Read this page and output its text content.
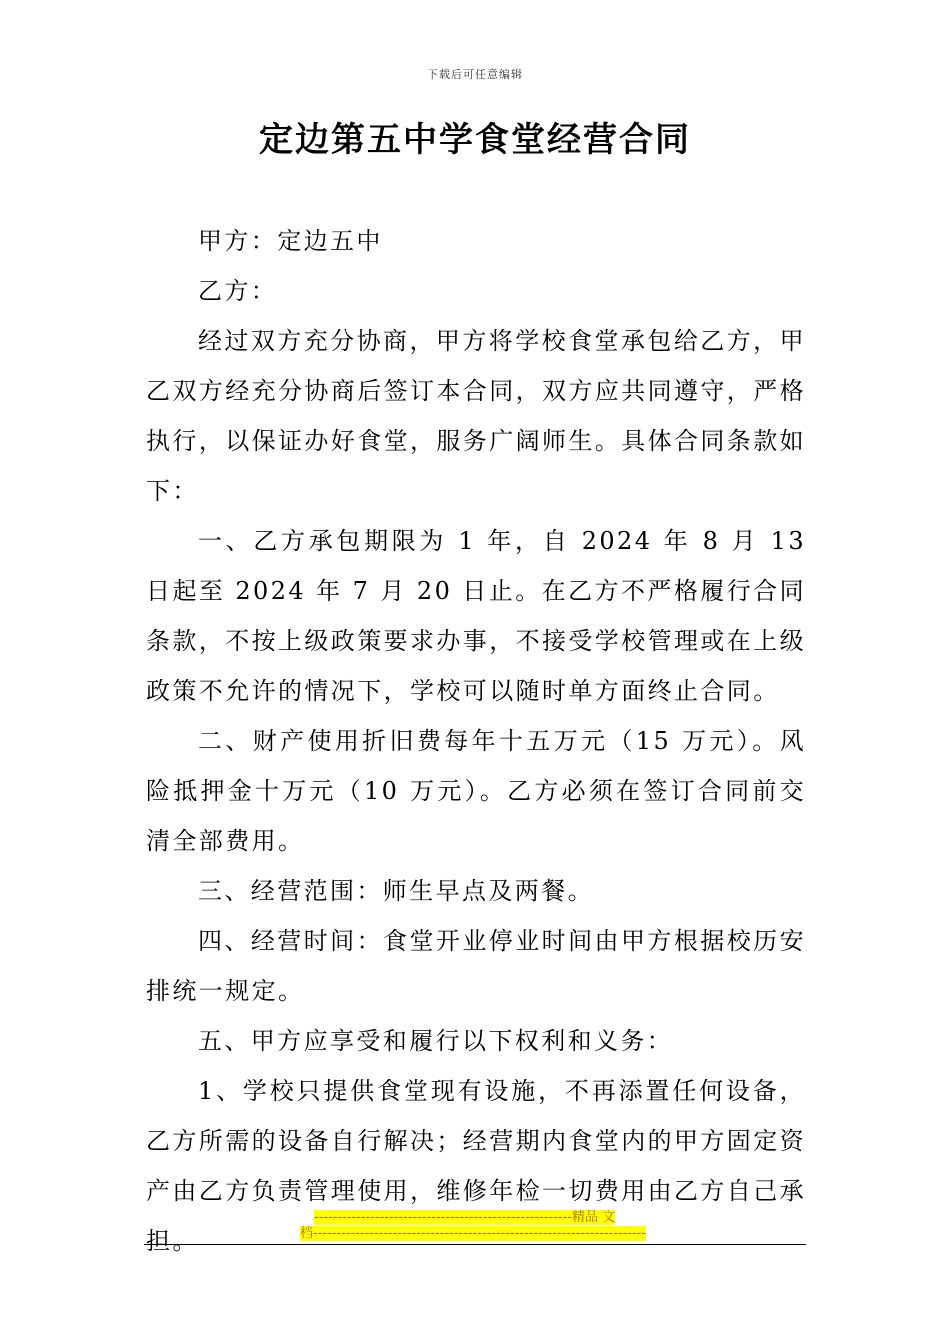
下载后可任意编辑
定边第五中学食堂经营合同

甲方：定边五中

乙方：

经过双方充分协商，甲方将学校食堂承包给乙方，甲乙双方经充分协商后签订本合同，双方应共同遵守，严格执行，以保证办好食堂，服务广阔师生。具体合同条款如下：

一、乙方承包期限为 1 年，自 2024 年 8 月 13 日起至 2024 年 7 月 20 日止。在乙方不严格履行合同条款，不按上级政策要求办事，不接受学校管理或在上级政策不允许的情况下，学校可以随时单方面终止合同。

二、财产使用折旧费每年十五万元（15 万元）。风险抵押金十万元（10 万元）。乙方必须在签订合同前交清全部费用。

三、经营范围：师生早点及两餐。

四、经营时间：食堂开业停业时间由甲方根据校历安排统一规定。

五、甲方应享受和履行以下权利和义务：

1、学校只提供食堂现有设施，不再添置任何设备，乙方所需的设备自行解决；经营期内食堂内的甲方固定资产由乙方负责管理使用，维修年检一切费用由乙方自己承担。

-------------------------------------------------------精品 文
档-----------------------------------------------------------------------
